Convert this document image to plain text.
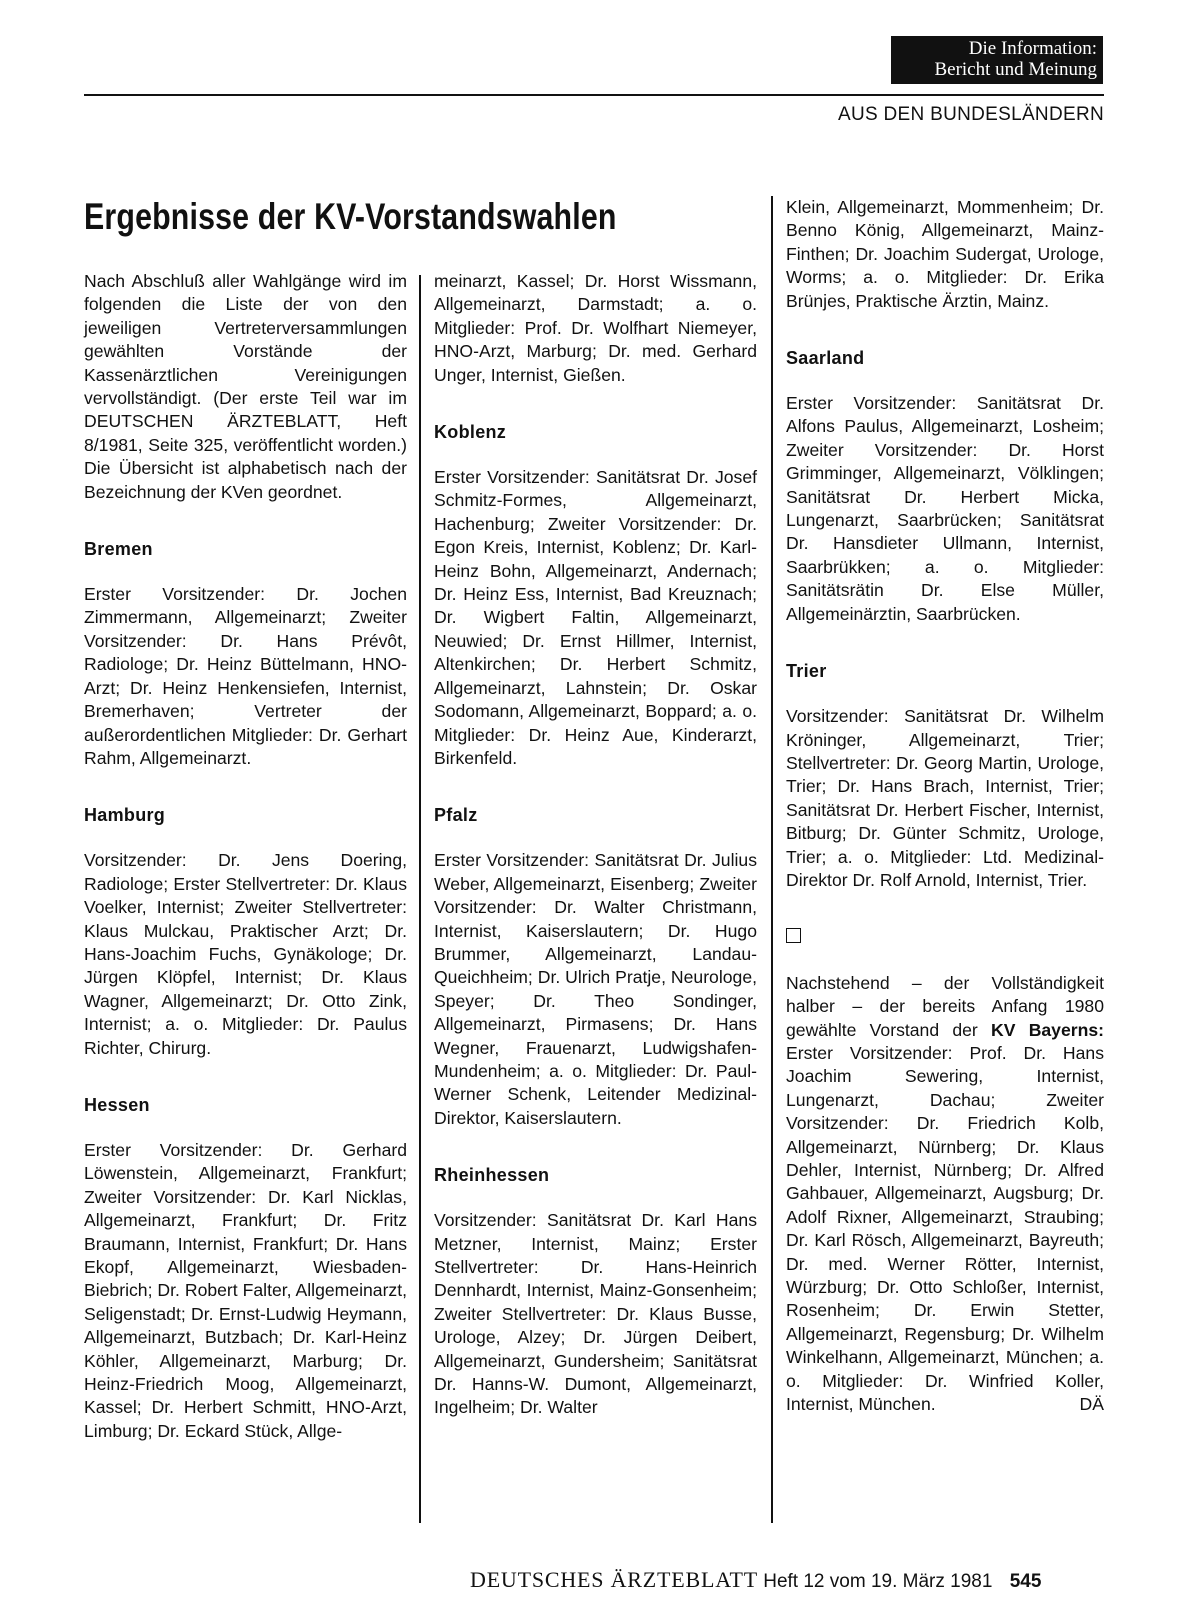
Die Information:
Bericht und Meinung
AUS DEN BUNDESLÄNDERN
Ergebnisse der KV-Vorstandswahlen

Nach Abschluß aller Wahlgänge wird im folgenden die Liste der von den jeweiligen Vertreterversammlungen gewählten Vorstände der Kassenärztlichen Vereinigungen vervollständigt. (Der erste Teil war im DEUTSCHEN ÄRZTEBLATT, Heft 8/1981, Seite 325, veröffentlicht worden.) Die Übersicht ist alphabetisch nach der Bezeichnung der KVen geordnet.

Bremen

Erster Vorsitzender: Dr. Jochen Zimmermann, Allgemeinarzt; Zweiter Vorsitzender: Dr. Hans Prévôt, Radiologe; Dr. Heinz Büttelmann, HNO-Arzt; Dr. Heinz Henkensiefen, Internist, Bremerhaven; Vertreter der außerordentlichen Mitglieder: Dr. Gerhart Rahm, Allgemeinarzt.

Hamburg

Vorsitzender: Dr. Jens Doering, Radiologe; Erster Stellvertreter: Dr. Klaus Voelker, Internist; Zweiter Stellvertreter: Klaus Mulckau, Praktischer Arzt; Dr. Hans-Joachim Fuchs, Gynäkologe; Dr. Jürgen Klöpfel, Internist; Dr. Klaus Wagner, Allgemeinarzt; Dr. Otto Zink, Internist; a. o. Mitglieder: Dr. Paulus Richter, Chirurg.

Hessen

Erster Vorsitzender: Dr. Gerhard Löwenstein, Allgemeinarzt, Frankfurt; Zweiter Vorsitzender: Dr. Karl Nicklas, Allgemeinarzt, Frankfurt; Dr. Fritz Braumann, Internist, Frankfurt; Dr. Hans Ekopf, Allgemeinarzt, Wiesbaden-Biebrich; Dr. Robert Falter, Allgemeinarzt, Seligenstadt; Dr. Ernst-Ludwig Heymann, Allgemeinarzt, Butzbach; Dr. Karl-Heinz Köhler, Allgemeinarzt, Marburg; Dr. Heinz-Friedrich Moog, Allgemeinarzt, Kassel; Dr. Herbert Schmitt, HNO-Arzt, Limburg; Dr. Eckard Stück, Allge-

meinarzt, Kassel; Dr. Horst Wissmann, Allgemeinarzt, Darmstadt; a. o. Mitglieder: Prof. Dr. Wolfhart Niemeyer, HNO-Arzt, Marburg; Dr. med. Gerhard Unger, Internist, Gießen.

Koblenz

Erster Vorsitzender: Sanitätsrat Dr. Josef Schmitz-Formes, Allgemeinarzt, Hachenburg; Zweiter Vorsitzender: Dr. Egon Kreis, Internist, Koblenz; Dr. Karl-Heinz Bohn, Allgemeinarzt, Andernach; Dr. Heinz Ess, Internist, Bad Kreuznach; Dr. Wigbert Faltin, Allgemeinarzt, Neuwied; Dr. Ernst Hillmer, Internist, Altenkirchen; Dr. Herbert Schmitz, Allgemeinarzt, Lahnstein; Dr. Oskar Sodomann, Allgemeinarzt, Boppard; a. o. Mitglieder: Dr. Heinz Aue, Kinderarzt, Birkenfeld.

Pfalz

Erster Vorsitzender: Sanitätsrat Dr. Julius Weber, Allgemeinarzt, Eisenberg; Zweiter Vorsitzender: Dr. Walter Christmann, Internist, Kaiserslautern; Dr. Hugo Brummer, Allgemeinarzt, Landau-Queichheim; Dr. Ulrich Pratje, Neurologe, Speyer; Dr. Theo Sondinger, Allgemeinarzt, Pirmasens; Dr. Hans Wegner, Frauenarzt, Ludwigshafen-Mundenheim; a. o. Mitglieder: Dr. Paul-Werner Schenk, Leitender Medizinal-Direktor, Kaiserslautern.

Rheinhessen

Vorsitzender: Sanitätsrat Dr. Karl Hans Metzner, Internist, Mainz; Erster Stellvertreter: Dr. Hans-Heinrich Dennhardt, Internist, Mainz-Gonsenheim; Zweiter Stellvertreter: Dr. Klaus Busse, Urologe, Alzey; Dr. Jürgen Deibert, Allgemeinarzt, Gundersheim; Sanitätsrat Dr. Hanns-W. Dumont, Allgemeinarzt, Ingelheim; Dr. Walter

Klein, Allgemeinarzt, Mommenheim; Dr. Benno König, Allgemeinarzt, Mainz-Finthen; Dr. Joachim Sudergat, Urologe, Worms; a. o. Mitglieder: Dr. Erika Brünjes, Praktische Ärztin, Mainz.

Saarland

Erster Vorsitzender: Sanitätsrat Dr. Alfons Paulus, Allgemeinarzt, Losheim; Zweiter Vorsitzender: Dr. Horst Grimminger, Allgemeinarzt, Völklingen; Sanitätsrat Dr. Herbert Micka, Lungenarzt, Saarbrücken; Sanitätsrat Dr. Hansdieter Ullmann, Internist, Saarbrükken; a. o. Mitglieder: Sanitätsrätin Dr. Else Müller, Allgemeinärztin, Saarbrücken.

Trier

Vorsitzender: Sanitätsrat Dr. Wilhelm Kröninger, Allgemeinarzt, Trier; Stellvertreter: Dr. Georg Martin, Urologe, Trier; Dr. Hans Brach, Internist, Trier; Sanitätsrat Dr. Herbert Fischer, Internist, Bitburg; Dr. Günter Schmitz, Urologe, Trier; a. o. Mitglieder: Ltd. Medizinal-Direktor Dr. Rolf Arnold, Internist, Trier.

Nachstehend – der Vollständigkeit halber – der bereits Anfang 1980 gewählte Vorstand der KV Bayerns: Erster Vorsitzender: Prof. Dr. Hans Joachim Sewering, Internist, Lungenarzt, Dachau; Zweiter Vorsitzender: Dr. Friedrich Kolb, Allgemeinarzt, Nürnberg; Dr. Klaus Dehler, Internist, Nürnberg; Dr. Alfred Gahbauer, Allgemeinarzt, Augsburg; Dr. Adolf Rixner, Allgemeinarzt, Straubing; Dr. Karl Rösch, Allgemeinarzt, Bayreuth; Dr. med. Werner Rötter, Internist, Würzburg; Dr. Otto Schloßer, Internist, Rosenheim; Dr. Erwin Stetter, Allgemeinarzt, Regensburg; Dr. Wilhelm Winkelhann, Allgemeinarzt, München; a. o. Mitglieder: Dr. Winfried Koller, Internist, München.	DÄ

DEUTSCHES ÄRZTEBLATT Heft 12 vom 19. März 1981 545
